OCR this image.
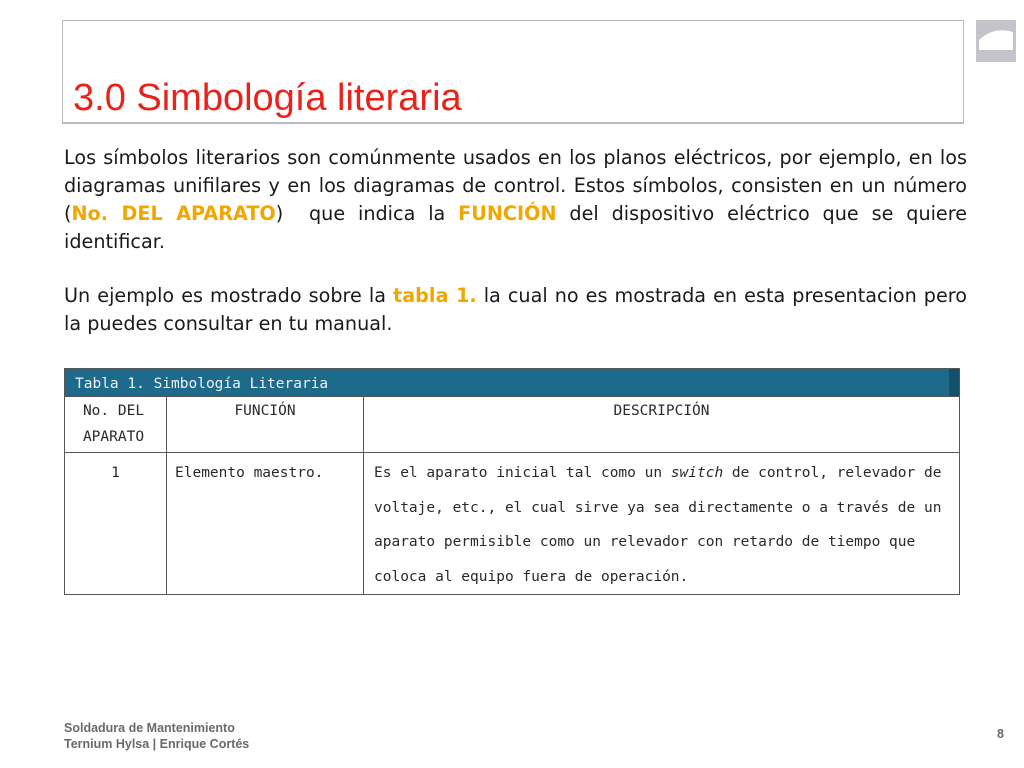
3.0 Simbología literaria

Los símbolos literarios son comúnmente usados en los planos eléctricos, por ejemplo, en los diagramas unifilares y en los diagramas de control. Estos símbolos, consisten en un número (No. DEL APARATO)  que indica la FUNCIÓN del dispositivo eléctrico que se quiere identificar.

Un ejemplo es mostrado sobre la tabla 1. la cual no es mostrada en esta presentacion pero la puedes consultar en tu manual.

Tabla 1. Simbología Literaria		
No. DEL APARATO	FUNCIÓN	DESCRIPCIÓN
1	Elemento maestro.	Es el aparato inicial tal como un switch de control, relevador de voltaje, etc., el cual sirve ya sea directamente o a través de un aparato permisible como un relevador con retardo de tiempo que coloca al equipo fuera de operación.
Soldadura de Mantenimiento
Ternium Hylsa | Enrique Cortés
8
